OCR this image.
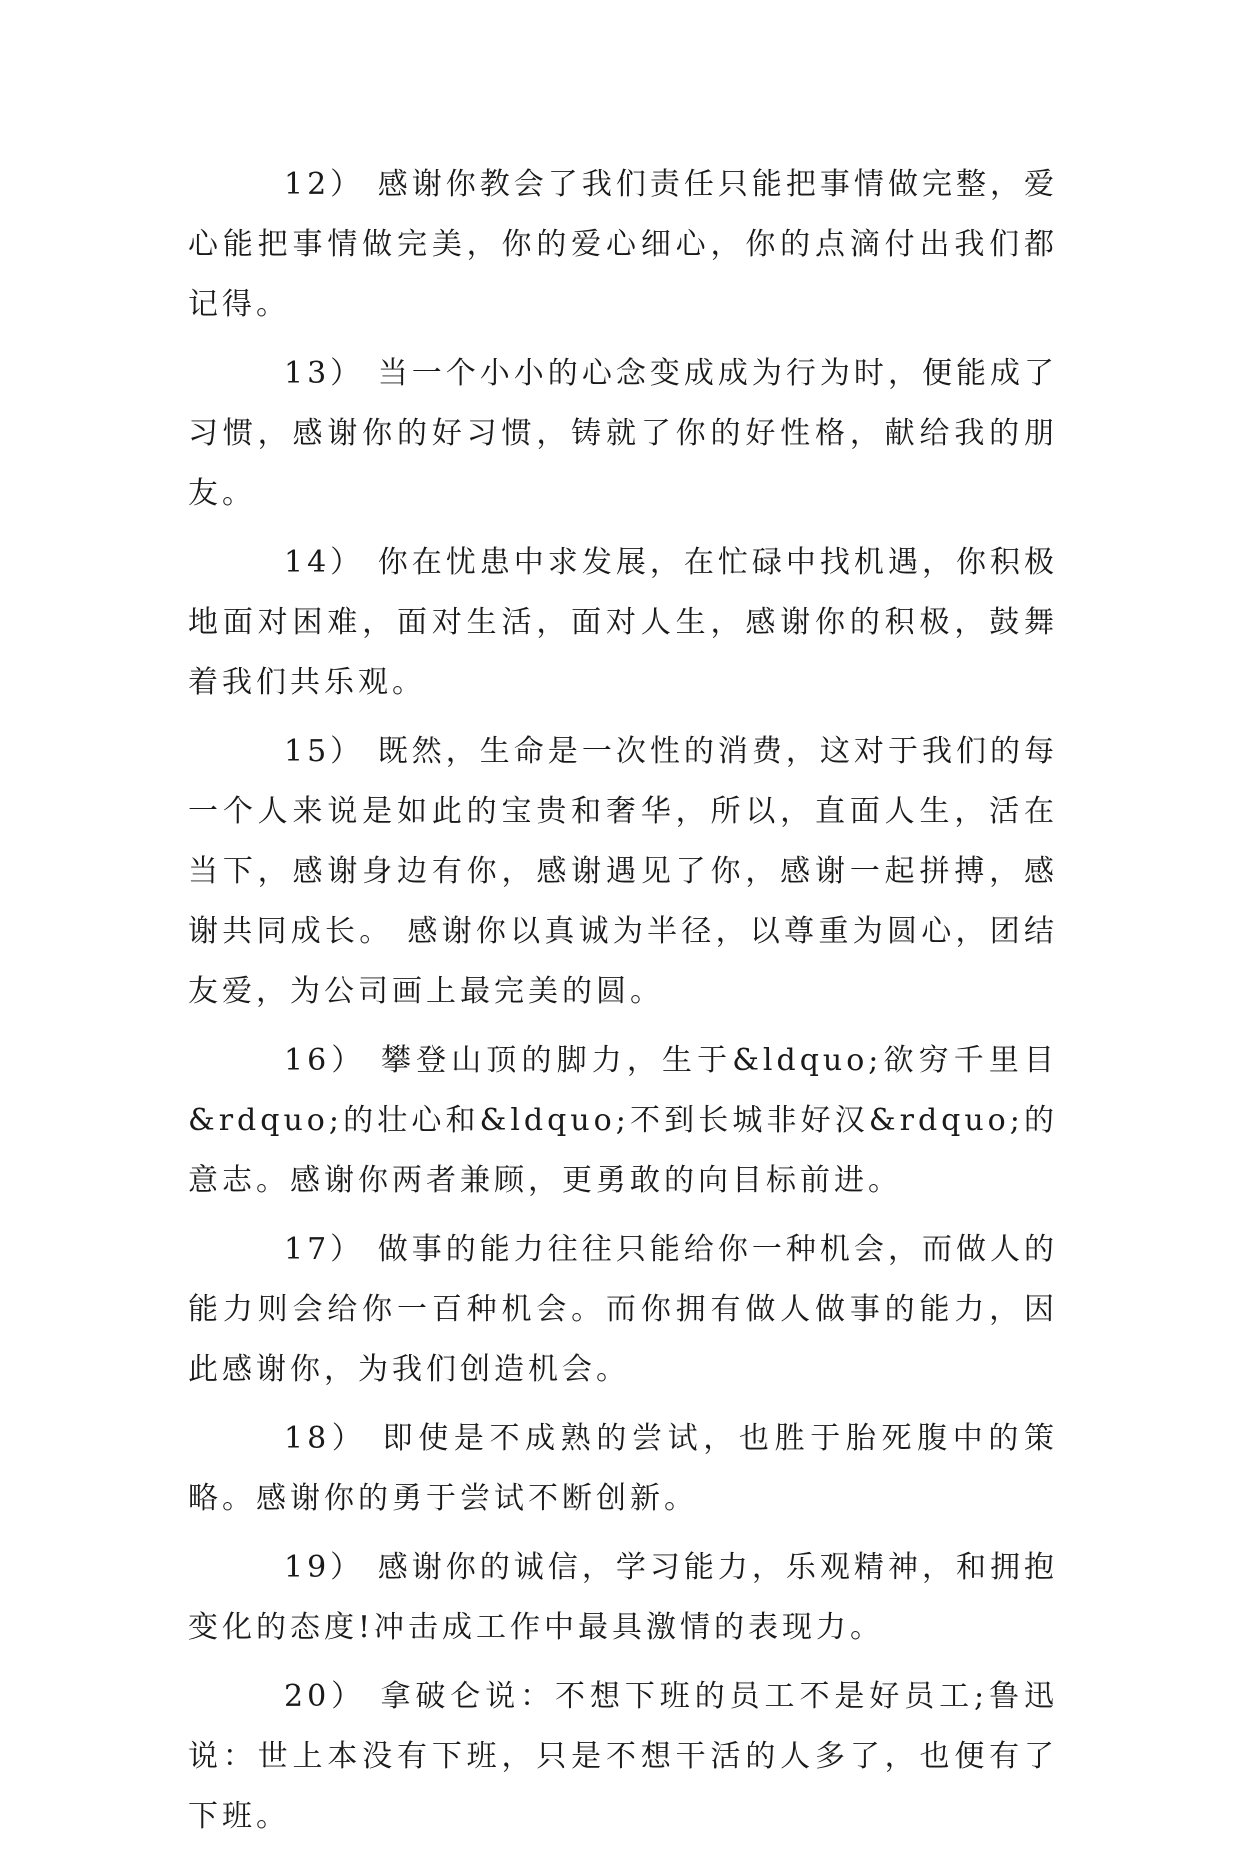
12） 感谢你教会了我们责任只能把事情做完整，爱心能把事情做完美，你的爱心细心，你的点滴付出我们都记得。

13） 当一个小小的心念变成成为行为时，便能成了习惯，感谢你的好习惯，铸就了你的好性格，献给我的朋友。

14） 你在忧患中求发展，在忙碌中找机遇，你积极地面对困难，面对生活，面对人生，感谢你的积极，鼓舞着我们共乐观。

15） 既然，生命是一次性的消费，这对于我们的每一个人来说是如此的宝贵和奢华，所以，直面人生，活在当下，感谢身边有你，感谢遇见了你，感谢一起拼搏，感谢共同成长。 感谢你以真诚为半径，以尊重为圆心，团结友爱，为公司画上最完美的圆。

16） 攀登山顶的脚力，生于&ldquo;欲穷千里目&rdquo;的壮心和&ldquo;不到长城非好汉&rdquo;的意志。感谢你两者兼顾，更勇敢的向目标前进。

17） 做事的能力往往只能给你一种机会，而做人的能力则会给你一百种机会。而你拥有做人做事的能力，因此感谢你，为我们创造机会。

18） 即使是不成熟的尝试，也胜于胎死腹中的策略。感谢你的勇于尝试不断创新。

19） 感谢你的诚信，学习能力，乐观精神，和拥抱变化的态度!冲击成工作中最具激情的表现力。

20） 拿破仑说：不想下班的员工不是好员工;鲁迅说：世上本没有下班，只是不想干活的人多了，也便有了下班。
